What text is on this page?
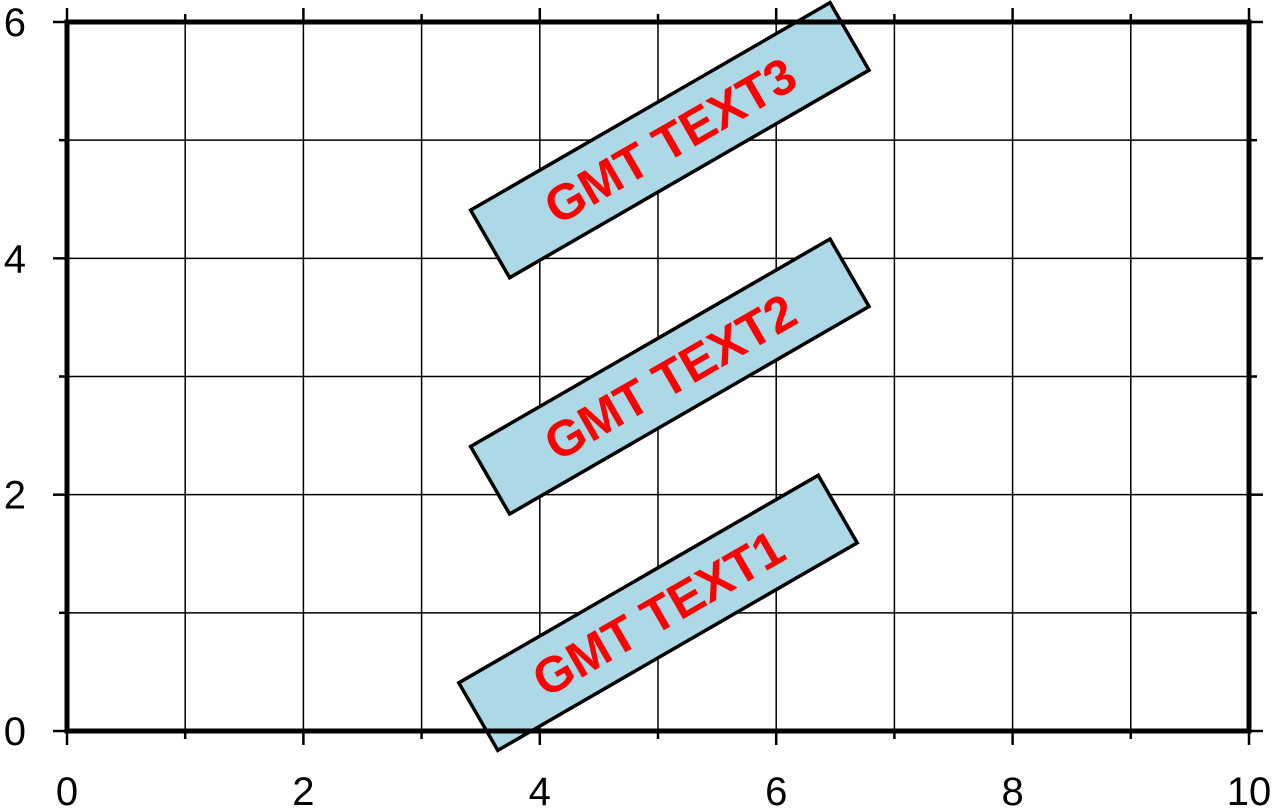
0	2	4	6	8	10
0
2
4
6
GMT TEXT1
GMT TEXT2
GMT TEXT3
